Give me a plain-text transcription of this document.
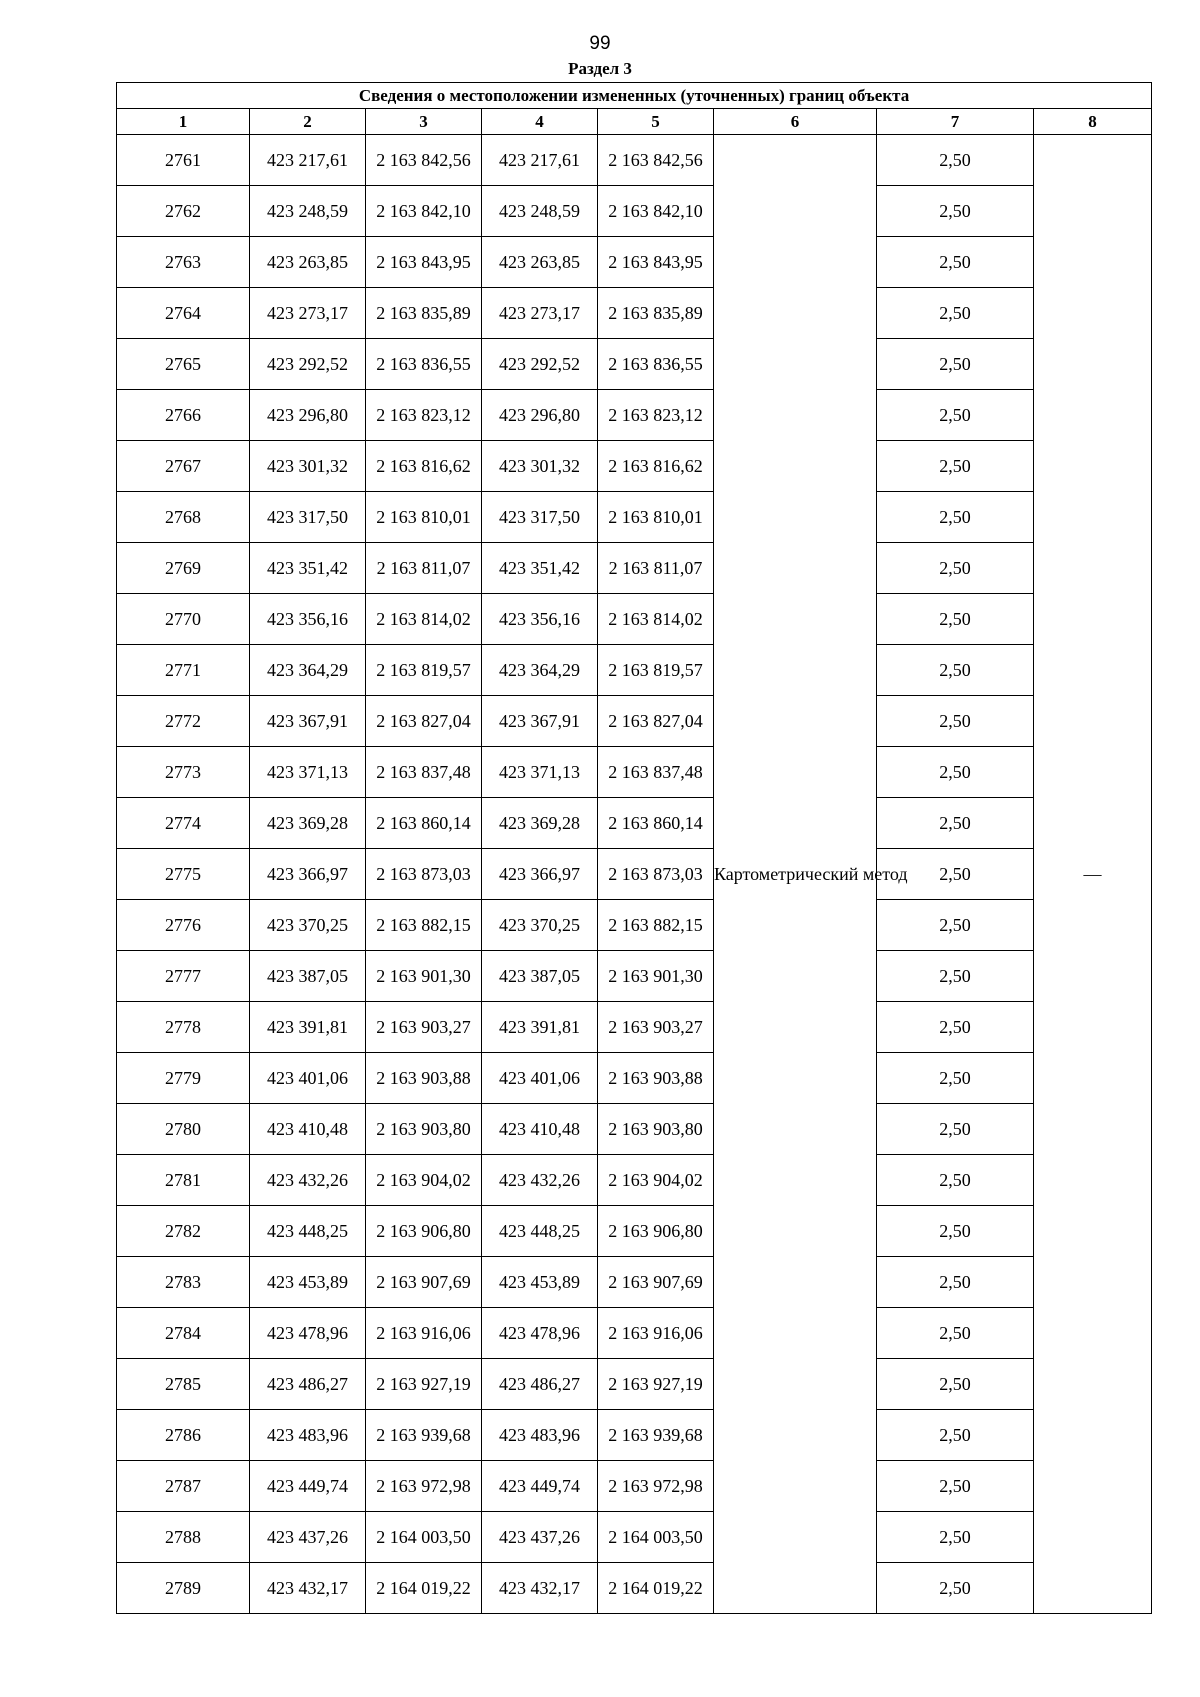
99
Раздел 3
Сведения о местоположении измененных (уточненных) границ объекта							
1	2	3	4	5	6	7	8
2761	423 217,61	2 163 842,56	423 217,61	2 163 842,56	Картометрический метод	2,50	—
2762	423 248,59	2 163 842,10	423 248,59	2 163 842,10		2,50	
2763	423 263,85	2 163 843,95	423 263,85	2 163 843,95		2,50	
2764	423 273,17	2 163 835,89	423 273,17	2 163 835,89		2,50	
2765	423 292,52	2 163 836,55	423 292,52	2 163 836,55		2,50	
2766	423 296,80	2 163 823,12	423 296,80	2 163 823,12		2,50	
2767	423 301,32	2 163 816,62	423 301,32	2 163 816,62		2,50	
2768	423 317,50	2 163 810,01	423 317,50	2 163 810,01		2,50	
2769	423 351,42	2 163 811,07	423 351,42	2 163 811,07		2,50	
2770	423 356,16	2 163 814,02	423 356,16	2 163 814,02		2,50	
2771	423 364,29	2 163 819,57	423 364,29	2 163 819,57		2,50	
2772	423 367,91	2 163 827,04	423 367,91	2 163 827,04		2,50	
2773	423 371,13	2 163 837,48	423 371,13	2 163 837,48		2,50	
2774	423 369,28	2 163 860,14	423 369,28	2 163 860,14		2,50	
2775	423 366,97	2 163 873,03	423 366,97	2 163 873,03		2,50	
2776	423 370,25	2 163 882,15	423 370,25	2 163 882,15		2,50	
2777	423 387,05	2 163 901,30	423 387,05	2 163 901,30		2,50	
2778	423 391,81	2 163 903,27	423 391,81	2 163 903,27		2,50	
2779	423 401,06	2 163 903,88	423 401,06	2 163 903,88		2,50	
2780	423 410,48	2 163 903,80	423 410,48	2 163 903,80		2,50	
2781	423 432,26	2 163 904,02	423 432,26	2 163 904,02		2,50	
2782	423 448,25	2 163 906,80	423 448,25	2 163 906,80		2,50	
2783	423 453,89	2 163 907,69	423 453,89	2 163 907,69		2,50	
2784	423 478,96	2 163 916,06	423 478,96	2 163 916,06		2,50	
2785	423 486,27	2 163 927,19	423 486,27	2 163 927,19		2,50	
2786	423 483,96	2 163 939,68	423 483,96	2 163 939,68		2,50	
2787	423 449,74	2 163 972,98	423 449,74	2 163 972,98		2,50	
2788	423 437,26	2 164 003,50	423 437,26	2 164 003,50		2,50	
2789	423 432,17	2 164 019,22	423 432,17	2 164 019,22		2,50	
